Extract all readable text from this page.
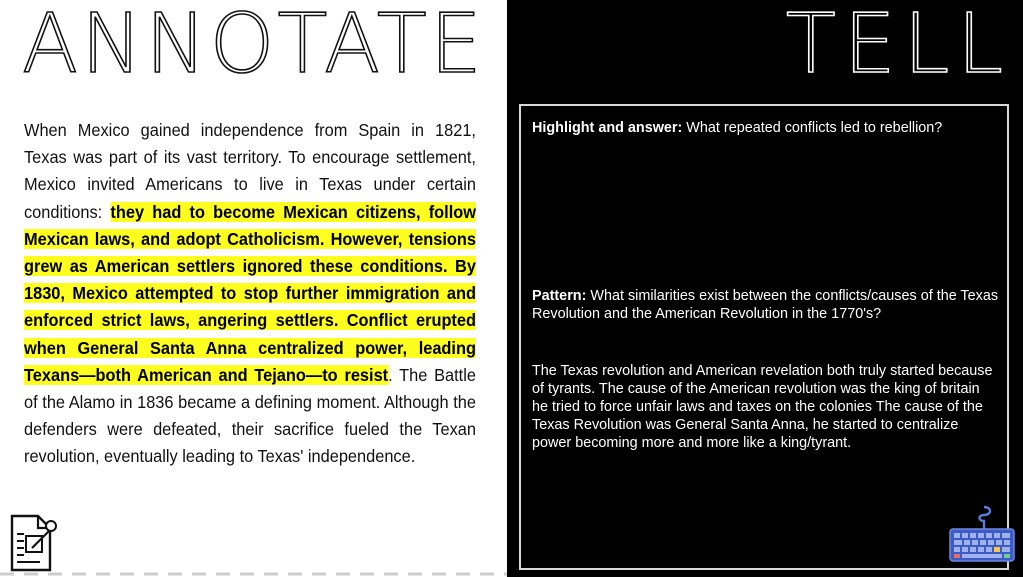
ANNOTATE

When Mexico gained independence from Spain in 1821, Texas was part of its vast territory. To encourage settlement, Mexico invited Americans to live in Texas under certain conditions: they had to become Mexican citizens, follow Mexican laws, and adopt Catholicism. However, tensions grew as American settlers ignored these conditions. By 1830, Mexico attempted to stop further immigration and enforced strict laws, angering settlers. Conflict erupted when General Santa Anna centralized power, leading Texans—both American and Tejano—to resist. The Battle of the Alamo in 1836 became a defining moment. Although the defenders were defeated, their sacrifice fueled the Texan revolution, eventually leading to Texas' independence.

TELL

Highlight and answer: What repeated conflicts led to rebellion?

Pattern: What similarities exist between the conflicts/causes of the Texas Revolution and the American Revolution in the 1770's?

The Texas revolution and American revelation both truly started because of tyrants. The cause of the American revolution was the king of britain he tried to force unfair laws and taxes on the colonies The cause of the Texas Revolution was General Santa Anna, he started to centralize power becoming more and more like a king/tyrant.
